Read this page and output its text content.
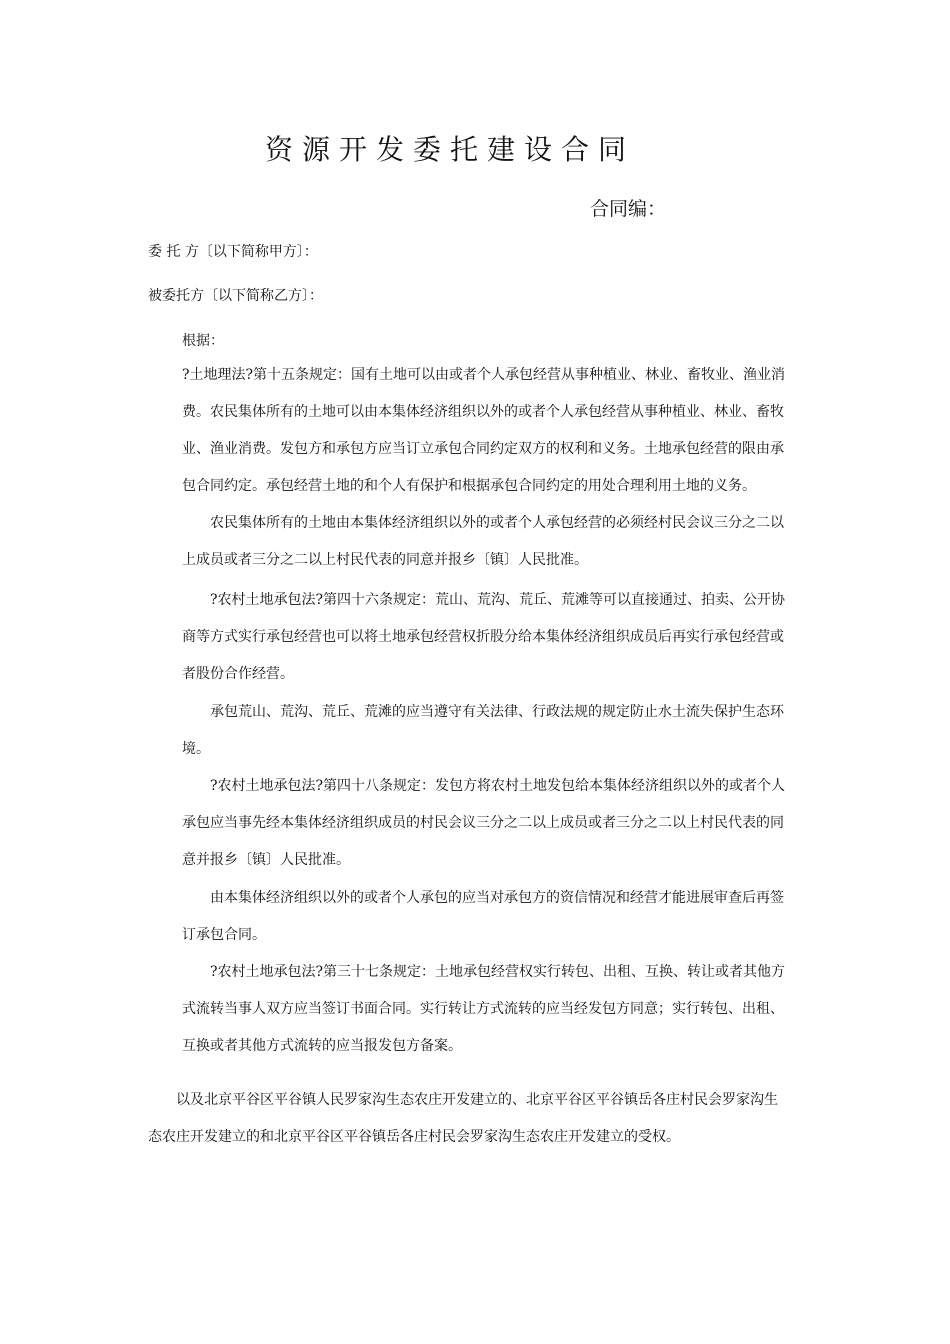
资源开发委托建设合同
合同编：
委 托 方〔以下简称甲方〕：
被委托方〔以下简称乙方〕：
根据：
?土地理法?第十五条规定：国有土地可以由或者个人承包经营从事种植业、林业、畜牧业、渔业消
费。农民集体所有的土地可以由本集体经济组织以外的或者个人承包经营从事种植业、林业、畜牧
业、渔业消费。发包方和承包方应当订立承包合同约定双方的权利和义务。土地承包经营的限由承
包合同约定。承包经营土地的和个人有保护和根据承包合同约定的用处合理利用土地的义务。
农民集体所有的土地由本集体经济组织以外的或者个人承包经营的必须经村民会议三分之二以
上成员或者三分之二以上村民代表的同意并报乡〔镇〕人民批准。
?农村土地承包法?第四十六条规定：荒山、荒沟、荒丘、荒滩等可以直接通过、拍卖、公开协
商等方式实行承包经营也可以将土地承包经营权折股分给本集体经济组织成员后再实行承包经营或
者股份合作经营。
承包荒山、荒沟、荒丘、荒滩的应当遵守有关法律、行政法规的规定防止水土流失保护生态环
境。
?农村土地承包法?第四十八条规定：发包方将农村土地发包给本集体经济组织以外的或者个人
承包应当事先经本集体经济组织成员的村民会议三分之二以上成员或者三分之二以上村民代表的同
意并报乡〔镇〕人民批准。
由本集体经济组织以外的或者个人承包的应当对承包方的资信情况和经营才能进展审查后再签
订承包合同。
?农村土地承包法?第三十七条规定：土地承包经营权实行转包、出租、互换、转让或者其他方
式流转当事人双方应当签订书面合同。实行转让方式流转的应当经发包方同意；实行转包、出租、
互换或者其他方式流转的应当报发包方备案。
以及北京平谷区平谷镇人民罗家沟生态农庄开发建立的、北京平谷区平谷镇岳各庄村民会罗家沟生
态农庄开发建立的和北京平谷区平谷镇岳各庄村民会罗家沟生态农庄开发建立的受权。
